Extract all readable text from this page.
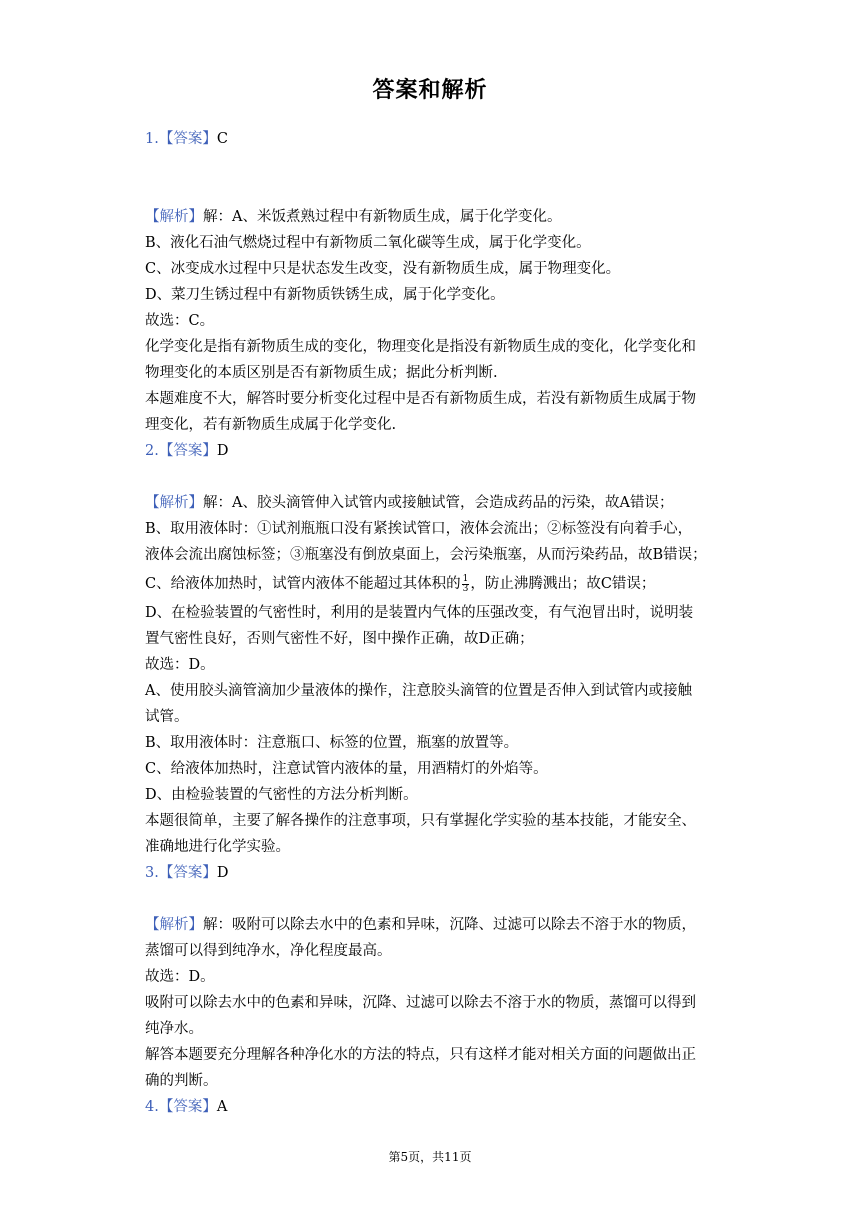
答案和解析
1.【答案】C
【解析】解：A、米饭煮熟过程中有新物质生成，属于化学变化。
B、液化石油气燃烧过程中有新物质二氧化碳等生成，属于化学变化。
C、冰变成水过程中只是状态发生改变，没有新物质生成，属于物理变化。
D、菜刀生锈过程中有新物质铁锈生成，属于化学变化。
故选：C。
化学变化是指有新物质生成的变化，物理变化是指没有新物质生成的变化，化学变化和
物理变化的本质区别是否有新物质生成；据此分析判断.
本题难度不大，解答时要分析变化过程中是否有新物质生成，若没有新物质生成属于物
理变化，若有新物质生成属于化学变化.
2.【答案】D
【解析】解：A、胶头滴管伸入试管内或接触试管，会造成药品的污染，故A错误；
B、取用液体时：①试剂瓶瓶口没有紧挨试管口，液体会流出；②标签没有向着手心，
液体会流出腐蚀标签；③瓶塞没有倒放桌面上，会污染瓶塞，从而污染药品，故B错误；
C、给液体加热时，试管内液体不能超过其体积的 $\frac{1}{3}$ ，防止沸腾溅出；故C错误；
D、在检验装置的气密性时，利用的是装置内气体的压强改变，有气泡冒出时，说明装
置气密性良好，否则气密性不好，图中操作正确，故D正确；
故选：D。
A、使用胶头滴管滴加少量液体的操作，注意胶头滴管的位置是否伸入到试管内或接触
试管。
B、取用液体时：注意瓶口、标签的位置，瓶塞的放置等。
C、给液体加热时，注意试管内液体的量，用酒精灯的外焰等。
D、由检验装置的气密性的方法分析判断。
本题很简单，主要了解各操作的注意事项，只有掌握化学实验的基本技能，才能安全、
准确地进行化学实验。
3.【答案】D
【解析】解：吸附可以除去水中的色素和异味，沉降、过滤可以除去不溶于水的物质，
蒸馏可以得到纯净水，净化程度最高。
故选：D。
吸附可以除去水中的色素和异味，沉降、过滤可以除去不溶于水的物质，蒸馏可以得到
纯净水。
解答本题要充分理解各种净化水的方法的特点，只有这样才能对相关方面的问题做出正
确的判断。
4.【答案】A
第5页，共11页
